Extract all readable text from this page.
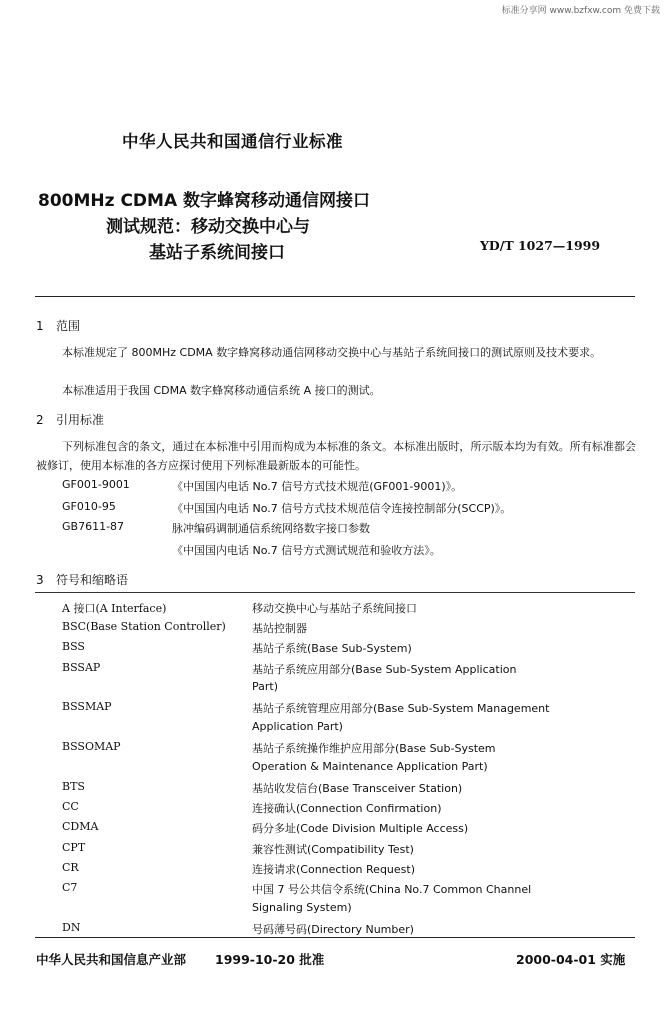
标准分享网 www.bzfxw.com 免费下载
中华人民共和国通信行业标准
800MHz CDMA 数字蜂窝移动通信网接口
测试规范：移动交换中心与
基站子系统间接口	YD/T 1027—1999
1 范围
本标准规定了 800MHz CDMA 数字蜂窝移动通信网移动交换中心与基站子系统间接口的测试原则及技术要求。
本标准适用于我国 CDMA 数字蜂窝移动通信系统 A 接口的测试。
2 引用标准
下列标准包含的条文，通过在本标准中引用而构成为本标准的条文。本标准出版时，所示版本均为有效。所有标准都会被修订，使用本标准的各方应探讨使用下列标准最新版本的可能性。
GF001-9001	《中国国内电话 No.7 信号方式技术规范(GF001-9001)》。
GF010-95	《中国国内电话 No.7 信号方式技术规范信令连接控制部分(SCCP)》。
GB7611-87	脉冲编码调制通信系统网络数字接口参数
《中国国内电话 No.7 信号方式测试规范和验收方法》。
3 符号和缩略语
A 接口(A Interface)	移动交换中心与基站子系统间接口
BSC(Base Station Controller) 基站控制器
BSS	基站子系统(Base Sub-System)
BSSAP	基站子系统应用部分(Base Sub-System Application
Part)
BSSMAP	基站子系统管理应用部分(Base Sub-System Management
Application Part)
BSSOMAP	基站子系统操作维护应用部分(Base Sub-System
Operation & Maintenance Application Part)
BTS	基站收发信台(Base Transceiver Station)
CC	连接确认(Connection Confirmation)
CDMA	码分多址(Code Division Multiple Access)
CPT	兼容性测试(Compatibility Test)
CR	连接请求(Connection Request)
C7	中国 7 号公共信令系统(China No.7 Common Channel
Signaling System)
DN	号码薄号码(Directory Number)
中华人民共和国信息产业部 1999-10-20 批准	2000-04-01 实施
